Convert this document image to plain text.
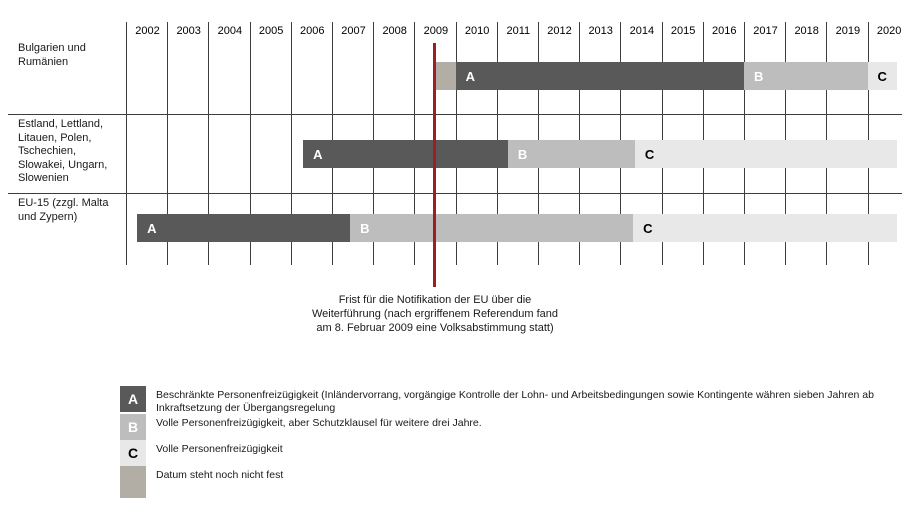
2002	2003	2004	2005	2006	2007	2008	2009	2010	2011	2012	2013	2014	2015	2016	2017	2018	2019	2020
Bulgarien und Rumänien
Estland, Lettland, Litauen, Polen, Tschechien, Slowakei, Ungarn, Slowenien
EU-15 (zzgl. Malta und Zypern)
A	B	C
A	B	C
A	B	C
Frist für die Notifikation der EU über die
Weiterführung (nach ergriffenem Referendum fand
am 8. Februar 2009 eine Volksabstimmung statt)
A Beschränkte Personenfreizügigkeit (Inländervorrang, vorgängige Kontrolle der Lohn- und Arbeitsbedingungen sowie Kontingente währen sieben Jahren ab Inkraftsetzung der Übergangsregelung
B Volle Personenfreizügigkeit, aber Schutzklausel für weitere drei Jahre.
C Volle Personenfreizügigkeit
Datum steht noch nicht fest
